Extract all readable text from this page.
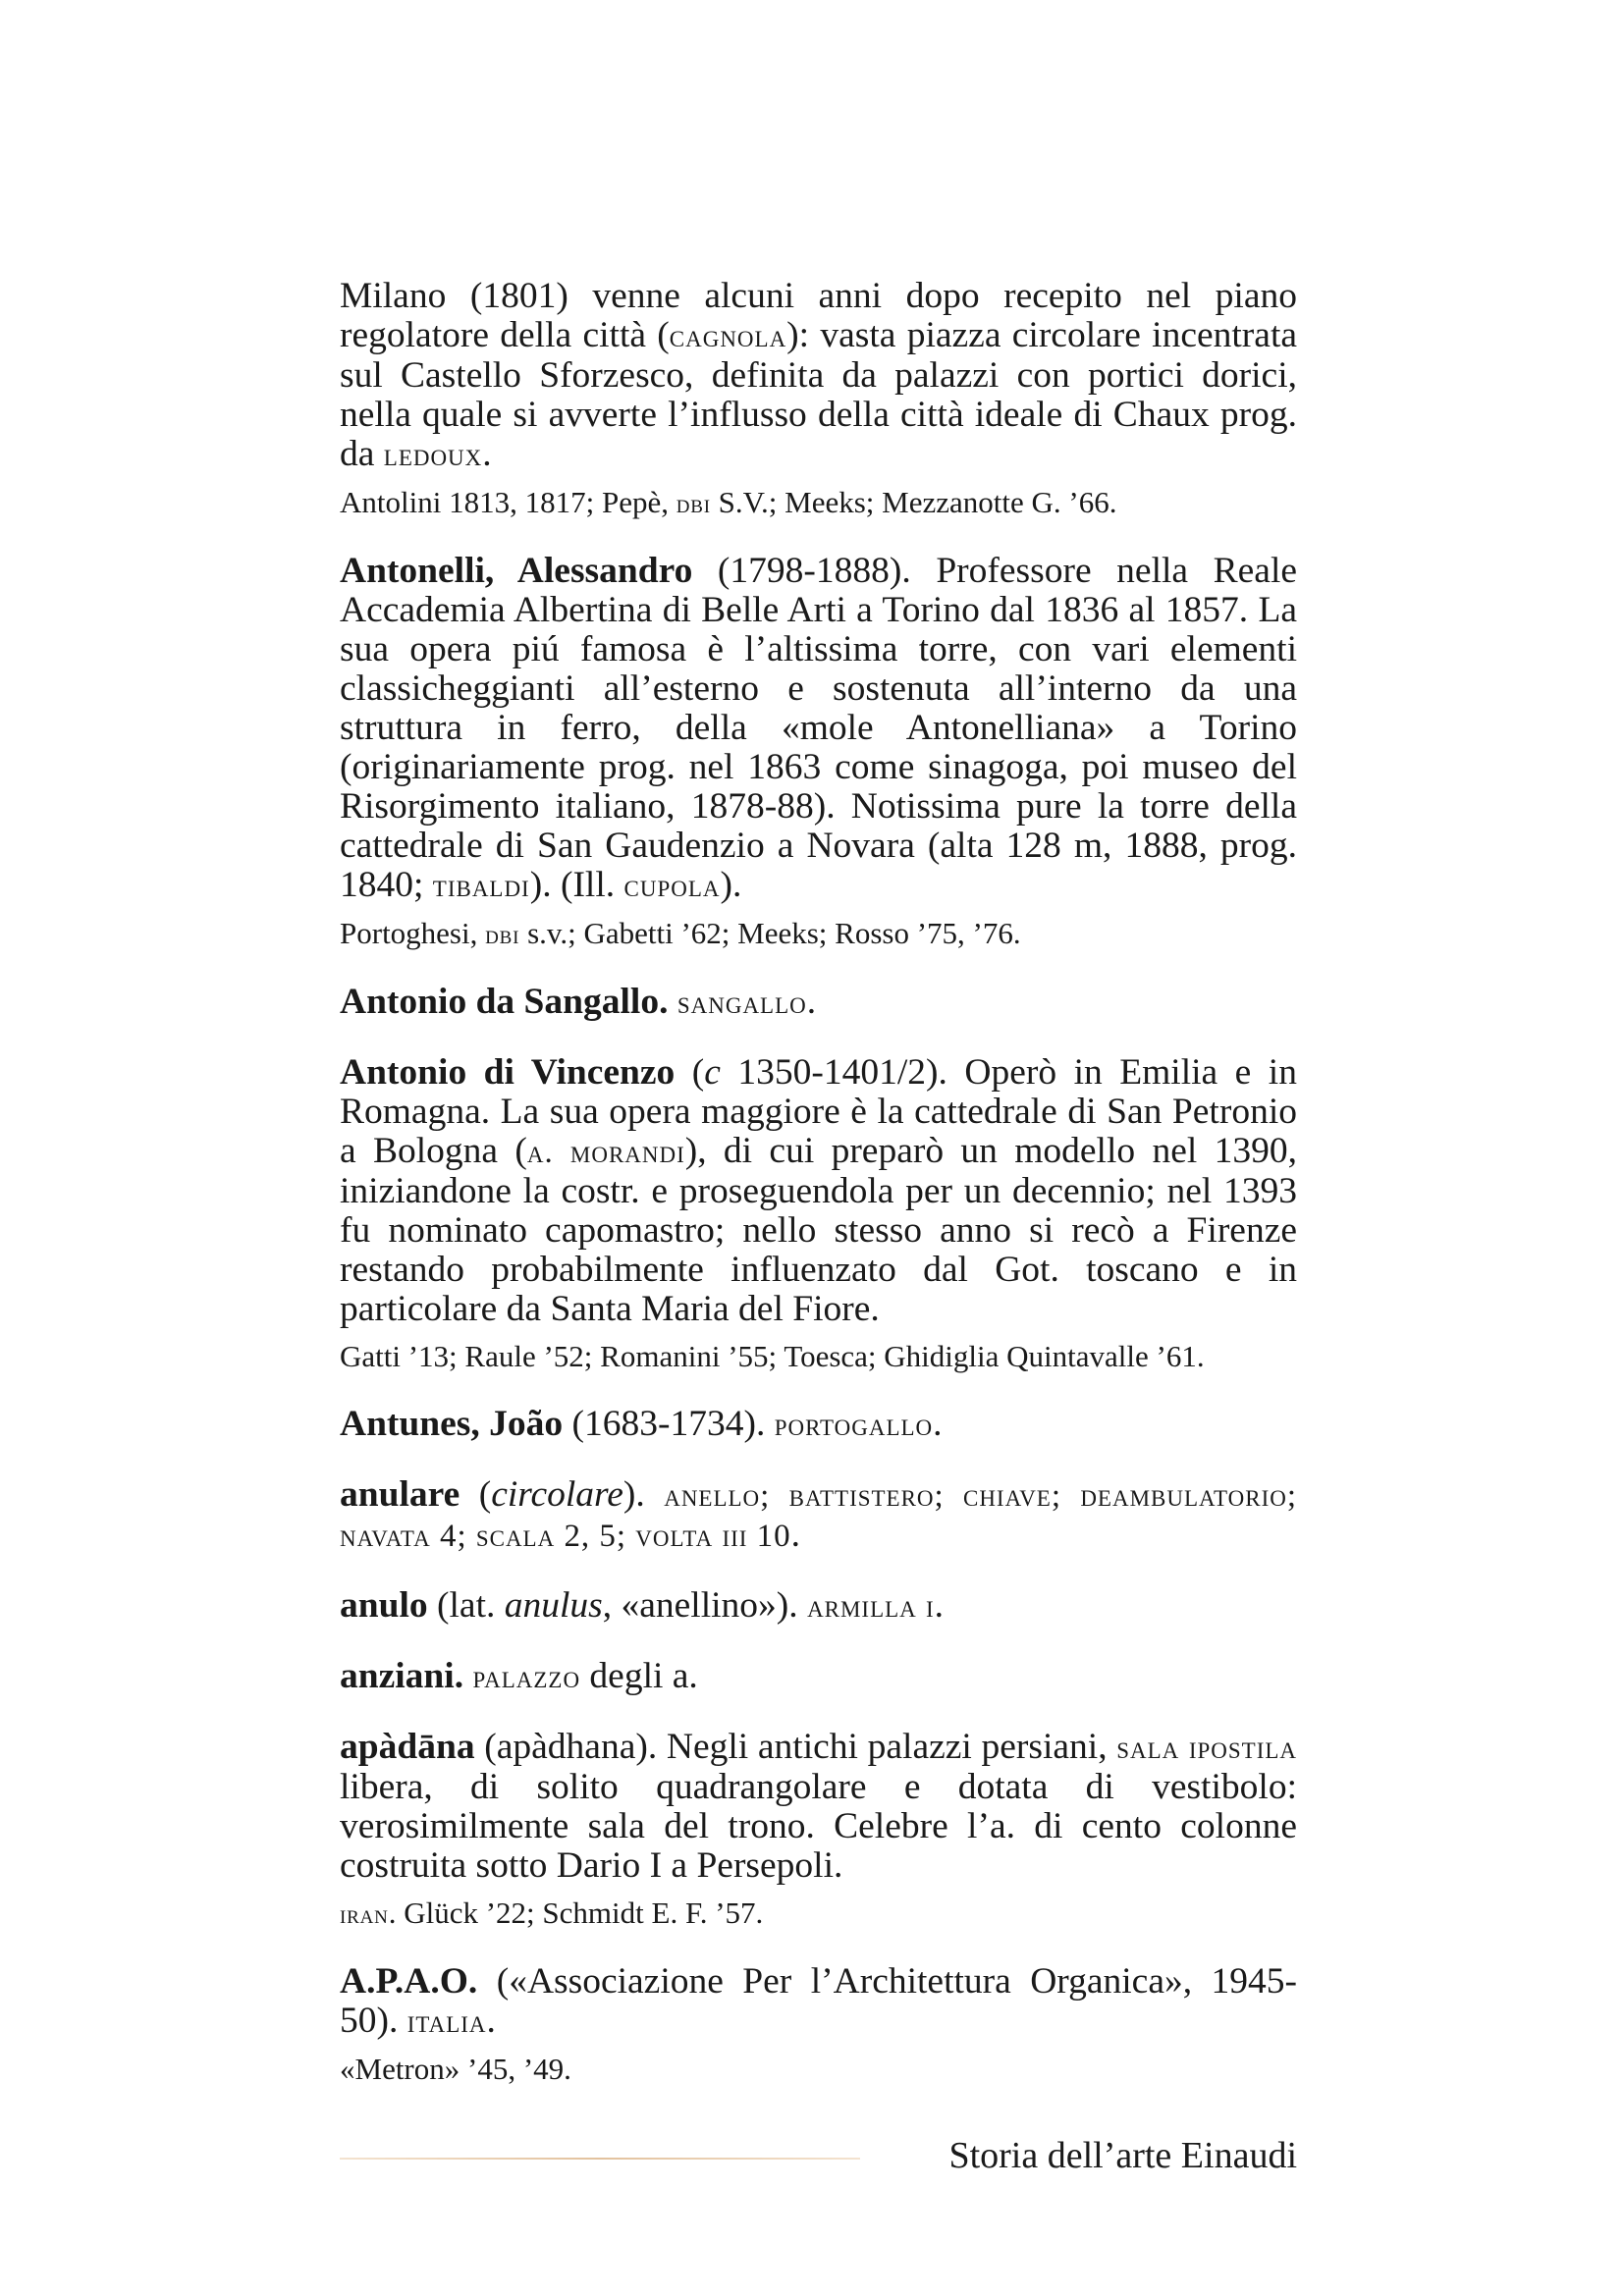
Milano (1801) venne alcuni anni dopo recepito nel piano regolatore della città (cagnola): vasta piazza circolare incentrata sul Castello Sforzesco, definita da palazzi con portici dorici, nella quale si avverte l’influsso della città ideale di Chaux prog. da ledoux.

Antolini 1813, 1817; Pepè, dbi S.V.; Meeks; Mezzanotte G. ’66.

Antonelli, Alessandro (1798-1888). Professore nella Reale Accademia Albertina di Belle Arti a Torino dal 1836 al 1857. La sua opera piú famosa è l’altissima torre, con vari elementi classicheggianti all’esterno e sostenuta all’interno da una struttura in ferro, della «mole Antonelliana» a Torino (originariamente prog. nel 1863 come sinagoga, poi museo del Risorgimento italiano, 1878-88). Notissima pure la torre della cattedrale di San Gaudenzio a Novara (alta 128 m, 1888, prog. 1840; tibaldi). (Ill. cupola).

Portoghesi, dbi s.v.; Gabetti ’62; Meeks; Rosso ’75, ’76.

Antonio da Sangallo. sangallo.

Antonio di Vincenzo (c 1350-1401/2). Operò in Emilia e in Romagna. La sua opera maggiore è la cattedrale di San Petronio a Bologna (a. morandi), di cui preparò un modello nel 1390, iniziandone la costr. e proseguendola per un decennio; nel 1393 fu nominato capomastro; nello stesso anno si recò a Firenze restando probabilmente influenzato dal Got. toscano e in particolare da Santa Maria del Fiore.

Gatti ’13; Raule ’52; Romanini ’55; Toesca; Ghidiglia Quintavalle ’61.

Antunes, João (1683-1734). portogallo.

anulare (circolare). anello; battistero; chiave; deambulatorio; navata 4; scala 2, 5; volta iii 10.

anulo (lat. anulus, «anellino»). armilla i.

anziani. palazzo degli a.

apàdāna (apàdhana). Negli antichi palazzi persiani, sala ipostila libera, di solito quadrangolare e dotata di vestibolo: verosimilmente sala del trono. Celebre l’a. di cento colonne costruita sotto Dario I a Persepoli.

iran. Glück ’22; Schmidt E. F. ’57.

A.P.A.O. («Associazione Per l’Architettura Organica», 1945-50). italia.

«Metron» ’45, ’49.

Storia dell’arte Einaudi
